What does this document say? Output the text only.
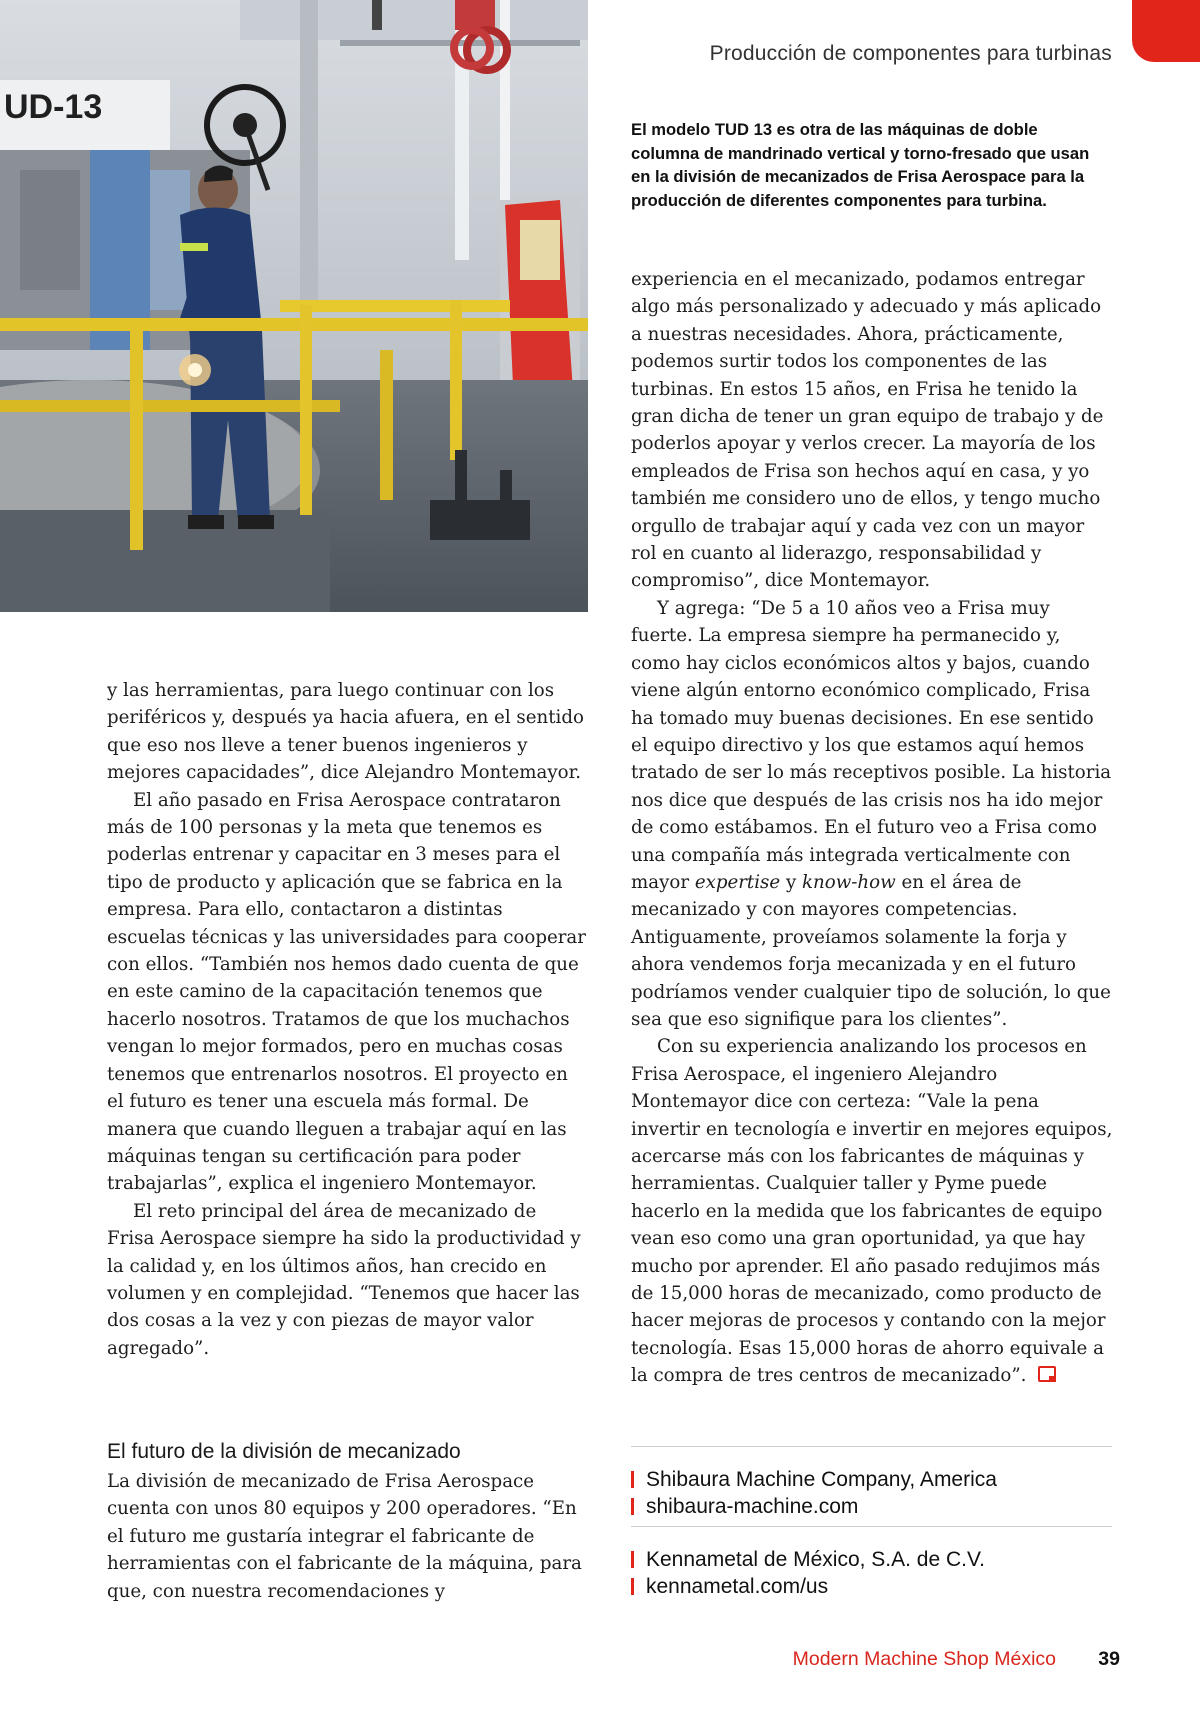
UD-13
Producción de componentes para turbinas
El modelo TUD 13 es otra de las máquinas de doble columna de mandrinado vertical y torno-fresado que usan en la división de mecanizados de Frisa Aerospace para la producción de diferentes componentes para turbina.

y las herramientas, para luego continuar con los periféricos y, después ya hacia afuera, en el sentido que eso nos lleve a tener buenos ingenieros y mejores capacidades”, dice Alejandro Montemayor.

El año pasado en Frisa Aerospace contrataron más de 100 personas y la meta que tenemos es poderlas entrenar y capacitar en 3 meses para el tipo de producto y aplicación que se fabrica en la empresa. Para ello, contactaron a distintas escuelas técnicas y las universidades para cooperar con ellos. “También nos hemos dado cuenta de que en este camino de la capacitación tenemos que hacerlo nosotros. Tratamos de que los muchachos vengan lo mejor formados, pero en muchas cosas tenemos que entrenarlos nosotros. El proyecto en el futuro es tener una escuela más formal. De manera que cuando lleguen a trabajar aquí en las máquinas tengan su certificación para poder trabajarlas”, explica el ingeniero Montemayor.

El reto principal del área de mecanizado de Frisa Aerospace siempre ha sido la productividad y la calidad y, en los últimos años, han crecido en volumen y en complejidad. “Tenemos que hacer las dos cosas a la vez y con piezas de mayor valor agregado”.

El futuro de la división de mecanizado

La división de mecanizado de Frisa Aerospace cuenta con unos 80 equipos y 200 operadores. “En el futuro me gustaría integrar el fabricante de herramientas con el fabricante de la máquina, para que, con nuestra recomendaciones y

experiencia en el mecanizado, podamos entregar algo más personalizado y adecuado y más aplicado a nuestras necesidades. Ahora, prácticamente, podemos surtir todos los componentes de las turbinas. En estos 15 años, en Frisa he tenido la gran dicha de tener un gran equipo de trabajo y de poderlos apoyar y verlos crecer. La mayoría de los empleados de Frisa son hechos aquí en casa, y yo también me considero uno de ellos, y tengo mucho orgullo de trabajar aquí y cada vez con un mayor rol en cuanto al liderazgo, responsabilidad y compromiso”, dice Montemayor.

Y agrega: “De 5 a 10 años veo a Frisa muy fuerte. La empresa siempre ha permanecido y, como hay ciclos económicos altos y bajos, cuando viene algún entorno económico complicado, Frisa ha tomado muy buenas decisiones. En ese sentido el equipo directivo y los que estamos aquí hemos tratado de ser lo más receptivos posible. La historia nos dice que después de las crisis nos ha ido mejor de como estábamos. En el futuro veo a Frisa como una compañía más integrada verticalmente con mayor expertise y know-how en el área de mecanizado y con mayores competencias. Antiguamente, proveíamos solamente la forja y ahora vendemos forja mecanizada y en el futuro podríamos vender cualquier tipo de solución, lo que sea que eso signifique para los clientes”.

Con su experiencia analizando los procesos en Frisa Aerospace, el ingeniero Alejandro Montemayor dice con certeza: “Vale la pena invertir en tecnología e invertir en mejores equipos, acercarse más con los fabricantes de máquinas y herramientas. Cualquier taller y Pyme puede hacerlo en la medida que los fabricantes de equipo vean eso como una gran oportunidad, ya que hay mucho por aprender. El año pasado redujimos más de 15,000 horas de mecanizado, como producto de hacer mejoras de procesos y contando con la mejor tecnología. Esas 15,000 horas de ahorro equivale a la compra de tres centros de mecanizado”.

Shibaura Machine Company, America
shibaura-machine.com
Kennametal de México, S.A. de C.V.
kennametal.com/us
Modern Machine Shop México 39
